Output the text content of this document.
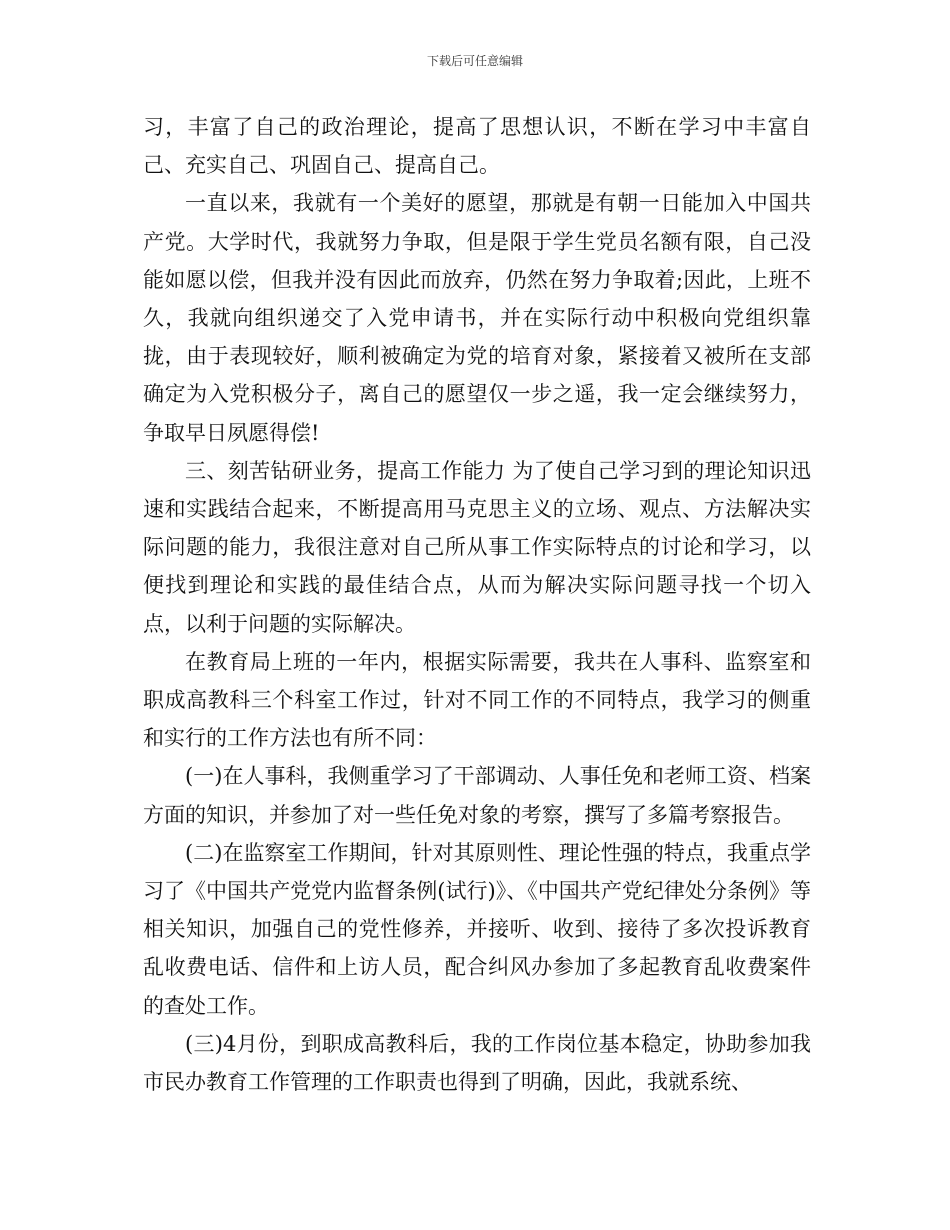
下载后可任意编辑

习，丰富了自己的政治理论，提高了思想认识，不断在学习中丰富自己、充实自己、巩固自己、提高自己。

一直以来，我就有一个美好的愿望，那就是有朝一日能加入中国共产党。大学时代，我就努力争取，但是限于学生党员名额有限，自己没能如愿以偿，但我并没有因此而放弃，仍然在努力争取着;因此，上班不久，我就向组织递交了入党申请书，并在实际行动中积极向党组织靠拢，由于表现较好，顺利被确定为党的培育对象，紧接着又被所在支部确定为入党积极分子，离自己的愿望仅一步之遥，我一定会继续努力，争取早日夙愿得偿!

三、刻苦钻研业务，提高工作能力 为了使自己学习到的理论知识迅速和实践结合起来，不断提高用马克思主义的立场、观点、方法解决实际问题的能力，我很注意对自己所从事工作实际特点的讨论和学习，以便找到理论和实践的最佳结合点，从而为解决实际问题寻找一个切入点，以利于问题的实际解决。

在教育局上班的一年内，根据实际需要，我共在人事科、监察室和职成高教科三个科室工作过，针对不同工作的不同特点，我学习的侧重和实行的工作方法也有所不同：

(一)在人事科，我侧重学习了干部调动、人事任免和老师工资、档案方面的知识，并参加了对一些任免对象的考察，撰写了多篇考察报告。

(二)在监察室工作期间，针对其原则性、理论性强的特点，我重点学习了《中国共产党党内监督条例(试行)》、《中国共产党纪律处分条例》等相关知识，加强自己的党性修养，并接听、收到、接待了多次投诉教育乱收费电话、信件和上访人员，配合纠风办参加了多起教育乱收费案件的查处工作。

(三)4月份，到职成高教科后，我的工作岗位基本稳定，协助参加我市民办教育工作管理的工作职责也得到了明确，因此，我就系统、
